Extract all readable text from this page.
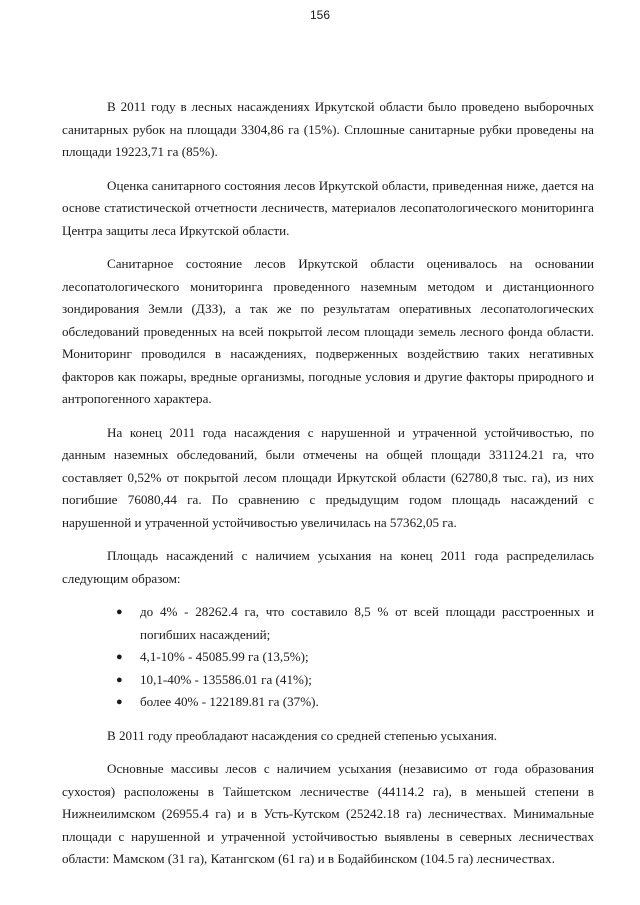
156

В 2011 году в лесных насаждениях Иркутской области было проведено выборочных санитарных рубок на площади 3304,86 га (15%). Сплошные санитарные рубки проведены на площади 19223,71 га (85%).

Оценка санитарного состояния лесов Иркутской области, приведенная ниже, дается на основе статистической отчетности лесничеств, материалов лесопатологического мониторинга Центра защиты леса Иркутской области.

Санитарное состояние лесов Иркутской области оценивалось на основании лесопатологического мониторинга проведенного наземным методом и дистанционного зондирования Земли (ДЗЗ), а так же по результатам оперативных лесопатологических обследований проведенных на всей покрытой лесом площади земель лесного фонда области. Мониторинг проводился в насаждениях, подверженных воздействию таких негативных факторов как пожары, вредные организмы, погодные условия и другие факторы природного и антропогенного характера.

На конец 2011 года насаждения с нарушенной и утраченной устойчивостью, по данным наземных обследований, были отмечены на общей площади 331124.21 га, что составляет 0,52% от покрытой лесом площади Иркутской области (62780,8 тыс. га), из них погибшие 76080,44 га. По сравнению с предыдущим годом площадь насаждений с нарушенной и утраченной устойчивостью увеличилась на 57362,05 га.

Площадь насаждений с наличием усыхания на конец 2011 года распределилась следующим образом:

● до 4% - 28262.4 га, что составило 8,5 % от всей площади расстроенных и погибших насаждений;
● 4,1-10% - 45085.99 га (13,5%);
● 10,1-40% - 135586.01 га (41%);
● более 40% - 122189.81 га (37%).

В 2011 году преобладают насаждения со средней степенью усыхания.

Основные массивы лесов с наличием усыхания (независимо от года образования сухостоя) расположены в Тайшетском лесничестве (44114.2 га), в меньшей степени в Нижнеилимском (26955.4 га) и в Усть-Кутском (25242.18 га) лесничествах. Минимальные площади с нарушенной и утраченной устойчивостью выявлены в северных лесничествах области: Мамском (31 га), Катангском (61 га) и в Бодайбинском (104.5 га) лесничествах.
